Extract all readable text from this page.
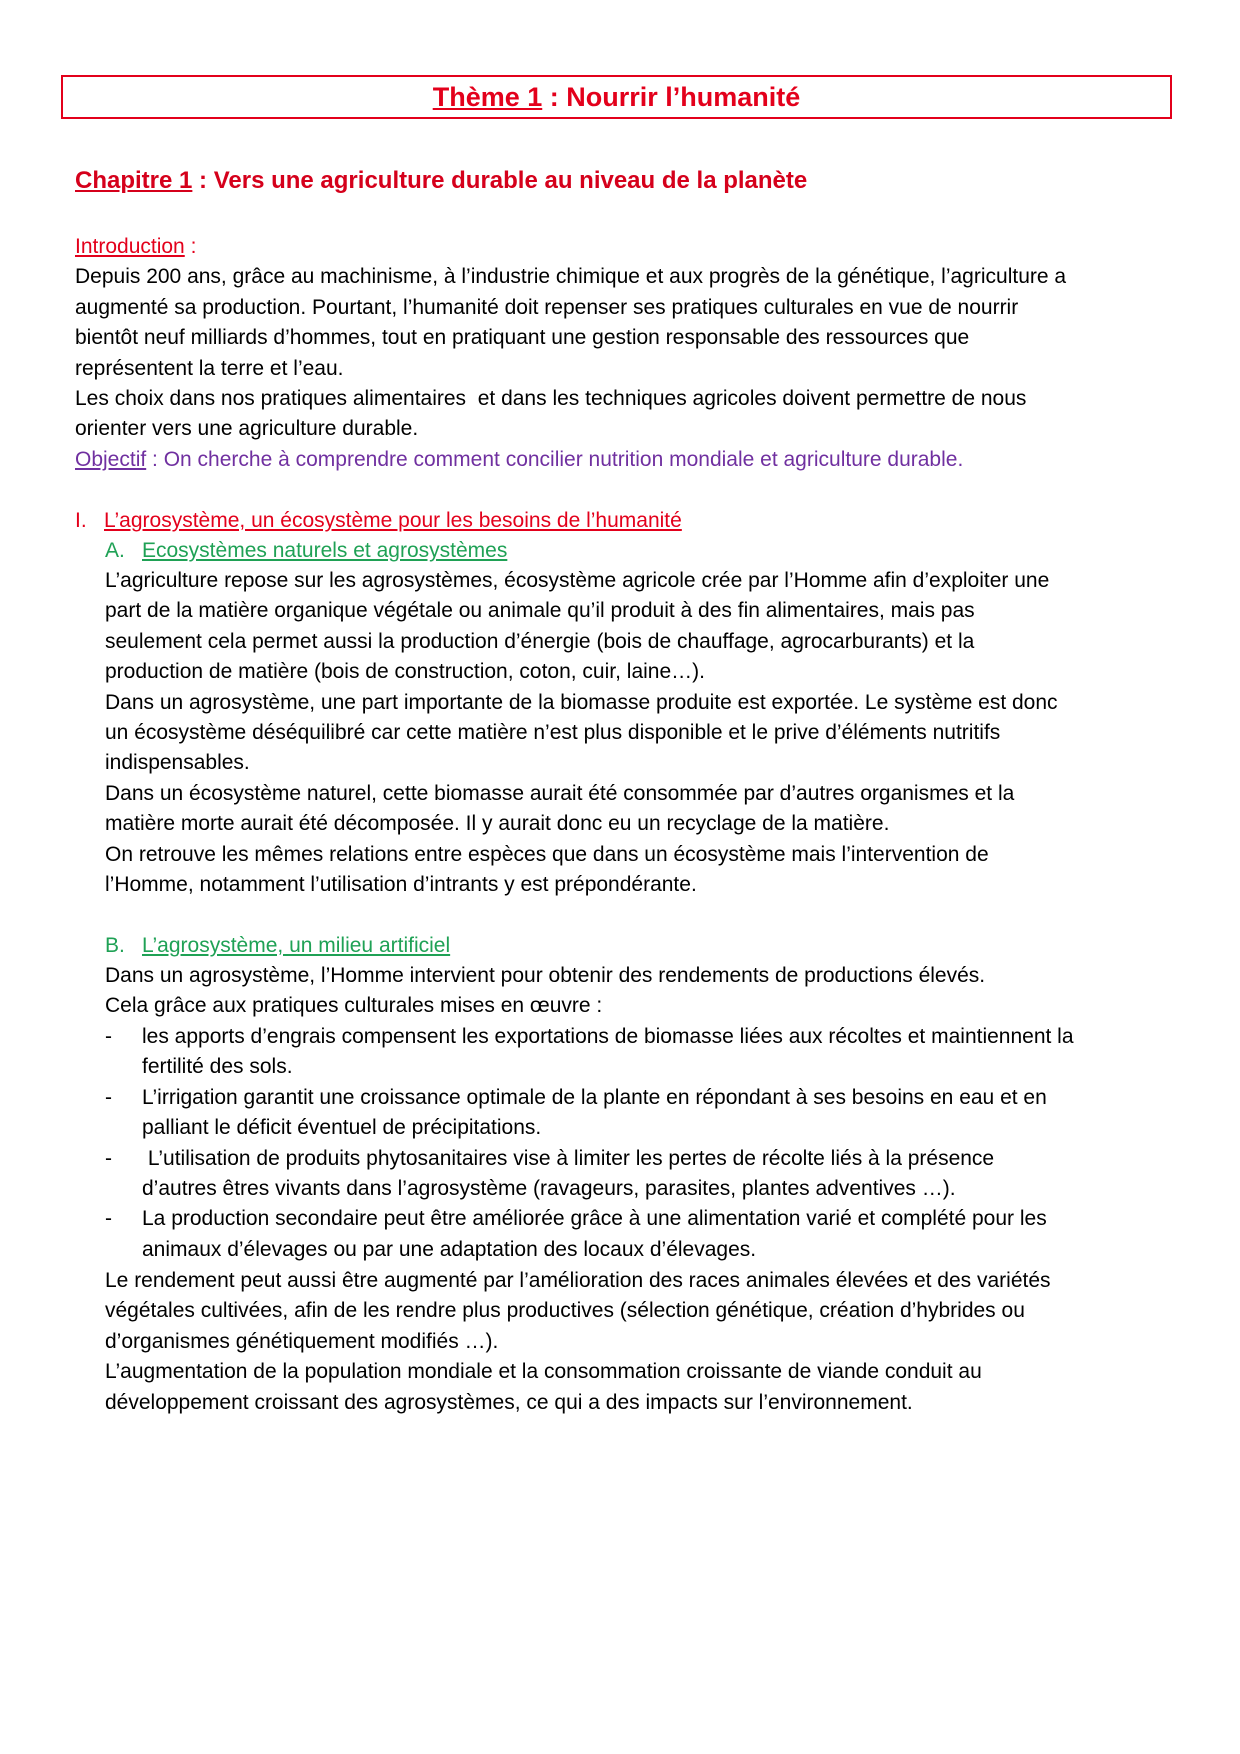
Thème 1 : Nourrir l’humanité
Chapitre 1 : Vers une agriculture durable au niveau de la planète
Introduction :
Depuis 200 ans, grâce au machinisme, à l’industrie chimique et aux progrès de la génétique, l’agriculture a
augmenté sa production. Pourtant, l’humanité doit repenser ses pratiques culturales en vue de nourrir
bientôt neuf milliards d’hommes, tout en pratiquant une gestion responsable des ressources que
représentent la terre et l’eau.
Les choix dans nos pratiques alimentaires  et dans les techniques agricoles doivent permettre de nous
orienter vers une agriculture durable.
Objectif : On cherche à comprendre comment concilier nutrition mondiale et agriculture durable.
I. L’agrosystème, un écosystème pour les besoins de l’humanité
A. Ecosystèmes naturels et agrosystèmes
L’agriculture repose sur les agrosystèmes, écosystème agricole crée par l’Homme afin d’exploiter une
part de la matière organique végétale ou animale qu’il produit à des fin alimentaires, mais pas
seulement cela permet aussi la production d’énergie (bois de chauffage, agrocarburants) et la
production de matière (bois de construction, coton, cuir, laine…).
Dans un agrosystème, une part importante de la biomasse produite est exportée. Le système est donc
un écosystème déséquilibré car cette matière n’est plus disponible et le prive d’éléments nutritifs
indispensables.
Dans un écosystème naturel, cette biomasse aurait été consommée par d’autres organismes et la
matière morte aurait été décomposée. Il y aurait donc eu un recyclage de la matière.
On retrouve les mêmes relations entre espèces que dans un écosystème mais l’intervention de
l’Homme, notamment l’utilisation d’intrants y est prépondérante.
B. L’agrosystème, un milieu artificiel
Dans un agrosystème, l’Homme intervient pour obtenir des rendements de productions élevés.
Cela grâce aux pratiques culturales mises en œuvre :
- les apports d’engrais compensent les exportations de biomasse liées aux récoltes et maintiennent la
fertilité des sols.
- L’irrigation garantit une croissance optimale de la plante en répondant à ses besoins en eau et en
palliant le déficit éventuel de précipitations.
- L’utilisation de produits phytosanitaires vise à limiter les pertes de récolte liés à la présence
d’autres êtres vivants dans l’agrosystème (ravageurs, parasites, plantes adventives …).
- La production secondaire peut être améliorée grâce à une alimentation varié et complété pour les
animaux d’élevages ou par une adaptation des locaux d’élevages.
Le rendement peut aussi être augmenté par l’amélioration des races animales élevées et des variétés
végétales cultivées, afin de les rendre plus productives (sélection génétique, création d’hybrides ou
d’organismes génétiquement modifiés …).
L’augmentation de la population mondiale et la consommation croissante de viande conduit au
développement croissant des agrosystèmes, ce qui a des impacts sur l’environnement.
